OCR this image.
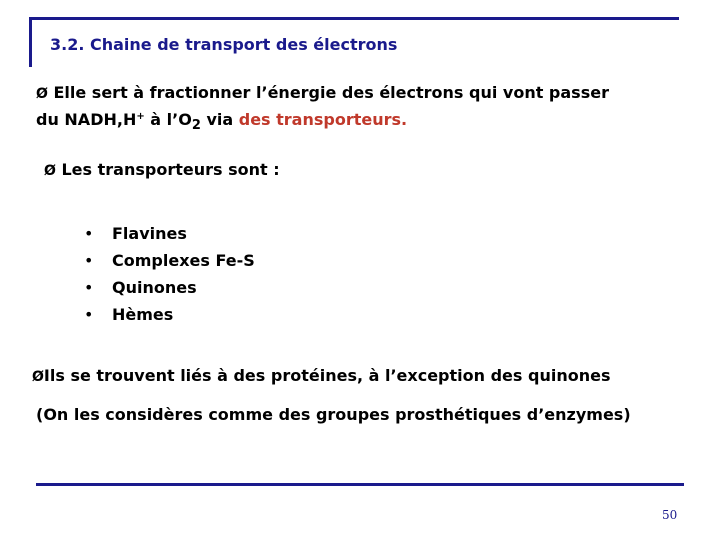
3.2. Chaine de transport des électrons
Ø Elle sert à fractionner l’énergie des électrons qui vont passer
du NADH,H+ à $l’O_2$ via des transporteurs.
Ø Les transporteurs sont :
• Flavines
• Complexes Fe-S
• Quinones
• Hèmes
ØIls se trouvent liés à des protéines, à l’exception des quinones
(On les considères comme des groupes prosthétiques d’enzymes)
50
